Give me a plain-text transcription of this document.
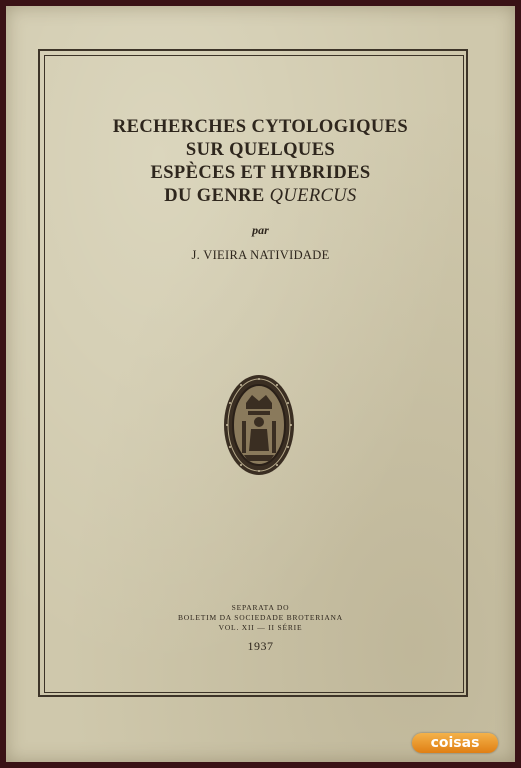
RECHERCHES CYTOLOGIQUES
SUR QUELQUES
ESPÈCES ET HYBRIDES
DU GENRE QUERCUS
par
J. VIEIRA NATIVIDADE
SEPARATA DO
BOLETIM DA SOCIEDADE BROTERIANA
VOL. XII — II SÉRIE
1937
coisas
